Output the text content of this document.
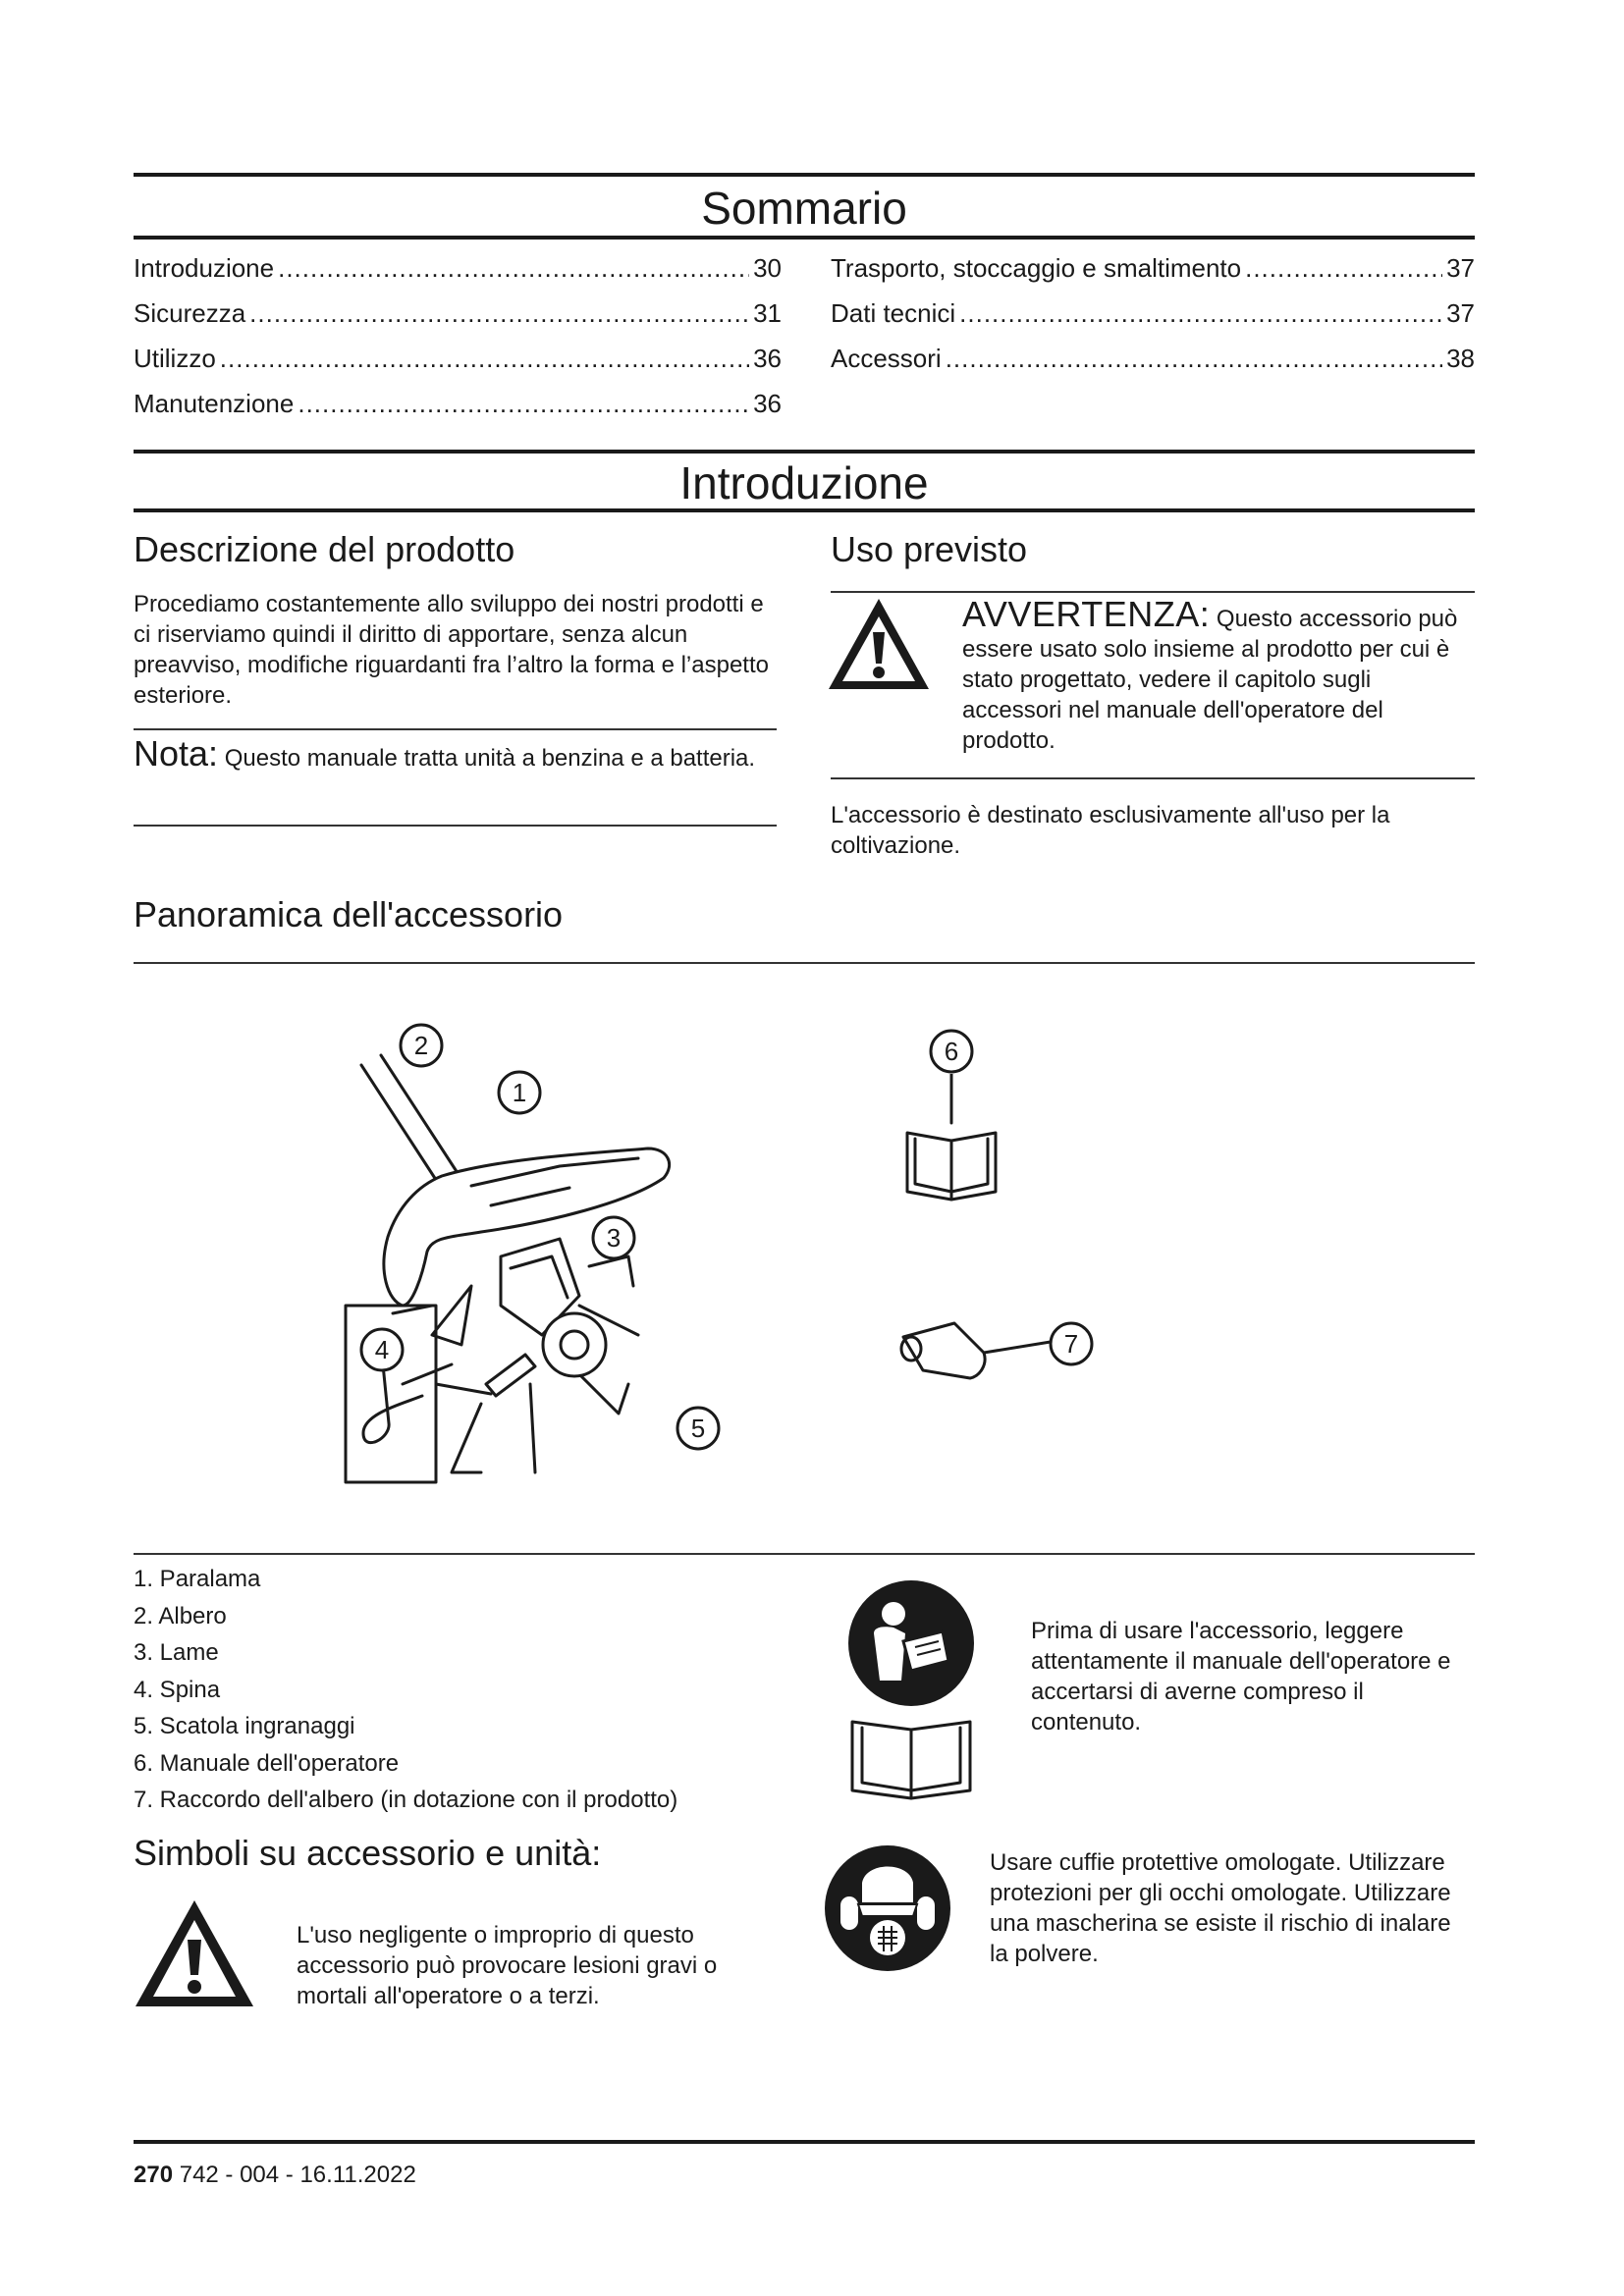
Sommario
Introduzione .....	30
Sicurezza .....	31
Utilizzo .....	36
Manutenzione .....	36
Trasporto, stoccaggio e smaltimento .....	37
Dati tecnici .....	37
Accessori .....	38
Introduzione
Descrizione del prodotto
Procediamo costantemente allo sviluppo dei nostri prodotti e ci riserviamo quindi il diritto di apportare, senza alcun preavviso, modifiche riguardanti fra l’altro la forma e l’aspetto esteriore.
Nota: Questo manuale tratta unità a benzina e a batteria.
Uso previsto
AVVERTENZA: Questo accessorio può essere usato solo insieme al prodotto per cui è stato progettato, vedere il capitolo sugli accessori nel manuale dell'operatore del prodotto.
L'accessorio è destinato esclusivamente all'uso per la coltivazione.
Panoramica dell'accessorio
2
1
3
4
5
6
7
1. Paralama
2. Albero
3. Lame
4. Spina
5. Scatola ingranaggi
6. Manuale dell'operatore
7. Raccordo dell'albero (in dotazione con il prodotto)
Simboli su accessorio e unità:
L'uso negligente o improprio di questo accessorio può provocare lesioni gravi o mortali all'operatore o a terzi.
Prima di usare l'accessorio, leggere attentamente il manuale dell'operatore e accertarsi di averne compreso il contenuto.
Usare cuffie protettive omologate. Utilizzare protezioni per gli occhi omologate. Utilizzare una mascherina se esiste il rischio di inalare la polvere.
270 742 - 004 - 16.11.2022
